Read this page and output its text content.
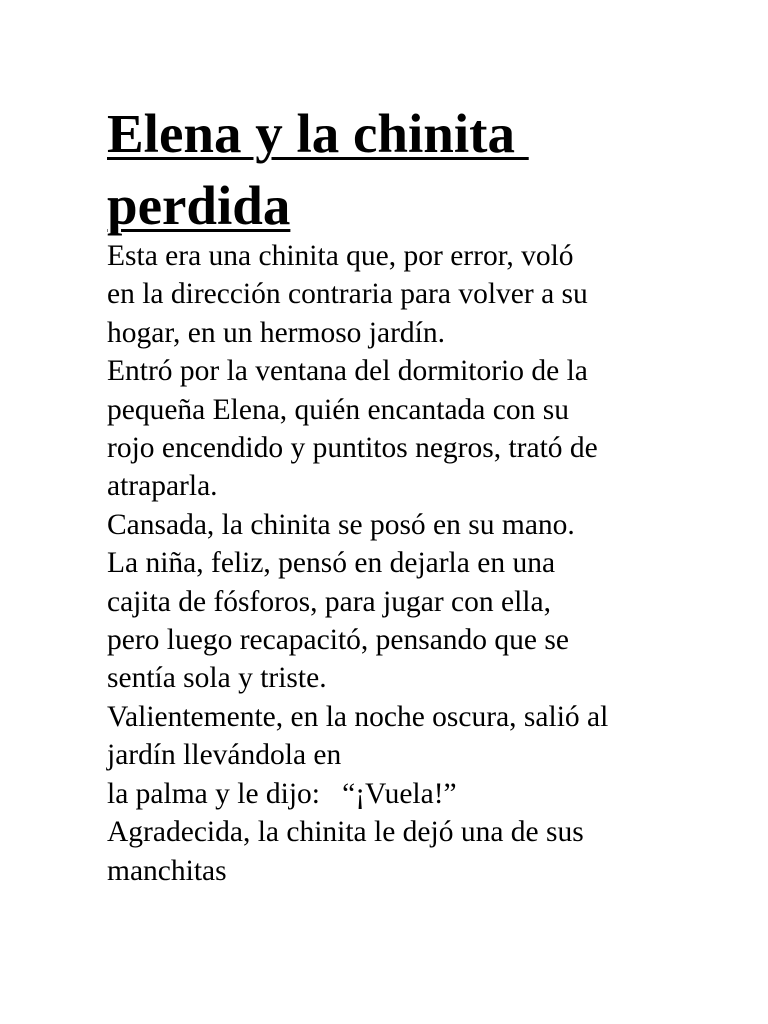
Elena y la chinita
perdida
Esta era una chinita que, por error, voló
en la dirección contraria para volver a su
hogar, en un hermoso jardín.
Entró por la ventana del dormitorio de la
pequeña Elena, quién encantada con su
rojo encendido y puntitos negros, trató de
atraparla.
Cansada, la chinita se posó en su mano.
La niña, feliz, pensó en dejarla en una
cajita de fósforos, para jugar con ella,
pero luego recapacitó, pensando que se
sentía sola y triste.
Valientemente, en la noche oscura, salió al
jardín llevándola en
la palma y le dijo:   “¡Vuela!”
Agradecida, la chinita le dejó una de sus
manchitas
